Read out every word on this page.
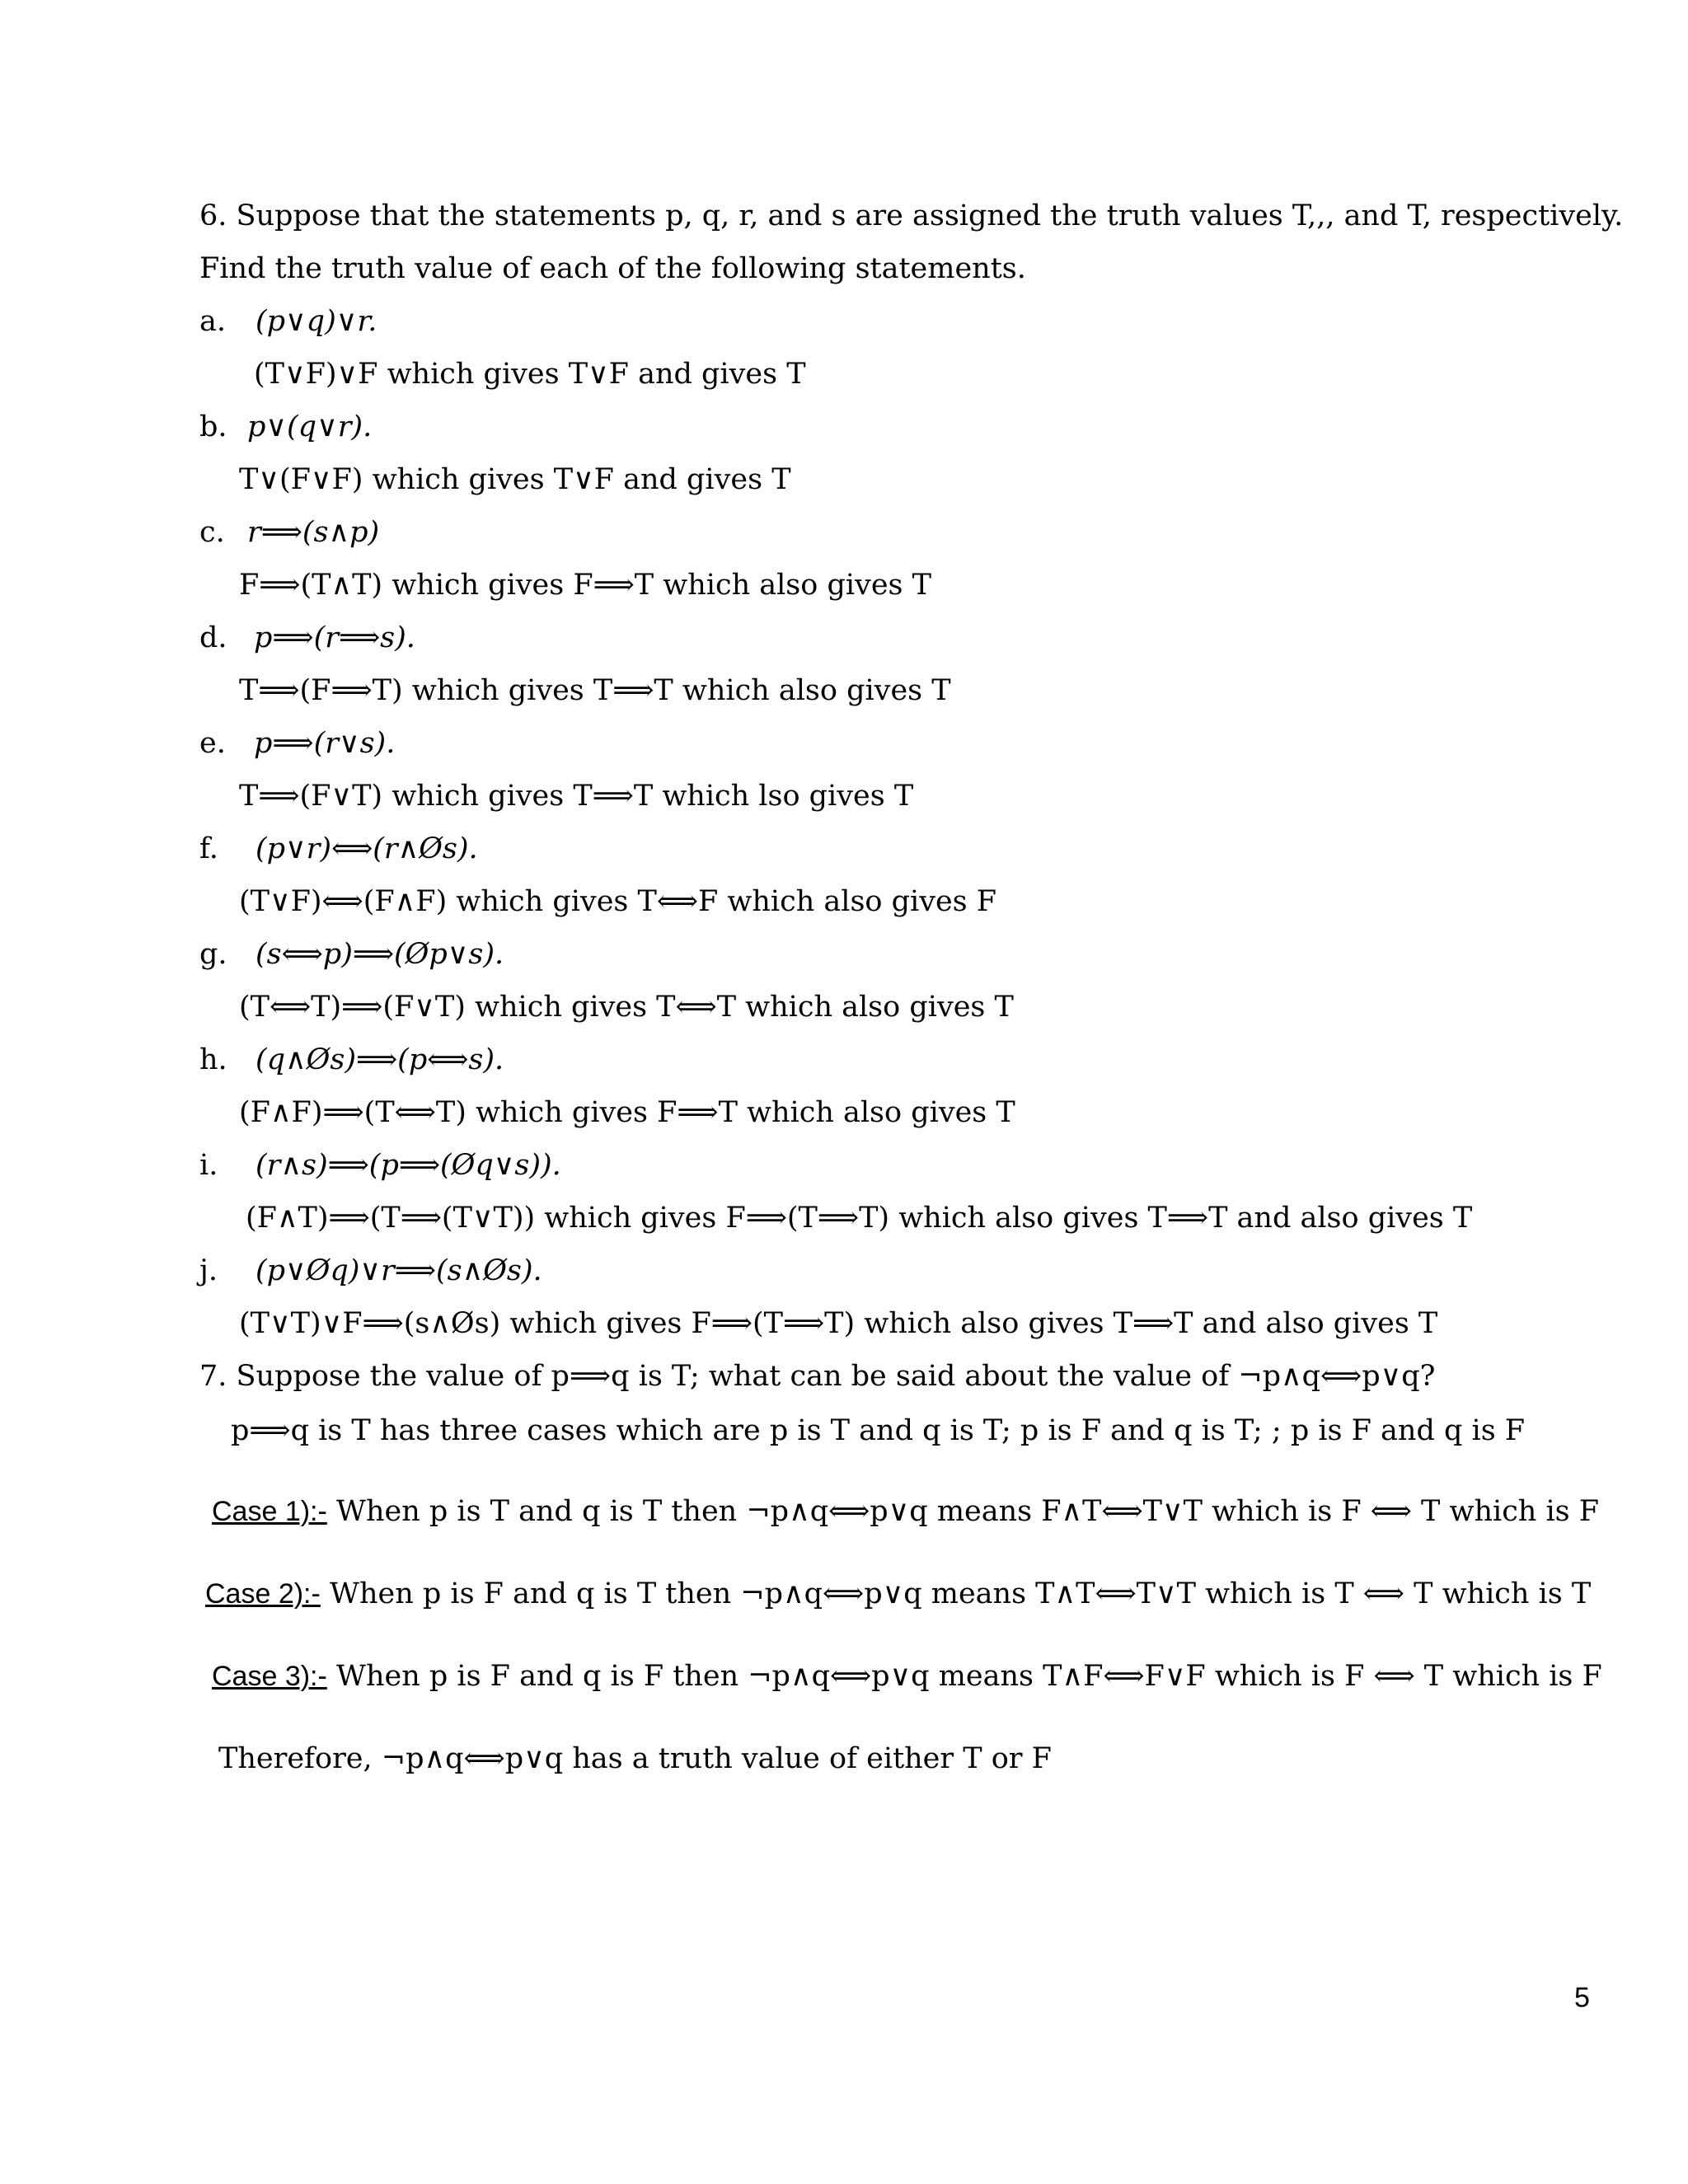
6. Suppose that the statements p, q, r, and s are assigned the truth values T,,, and T, respectively.
Find the truth value of each of the following statements.
a. (p∨q)∨r.
(T∨F)∨F which gives T∨F and gives T
b. p∨(q∨r).
T∨(F∨F) which gives T∨F and gives T
c. r⟹(s∧p)
F⟹(T∧T) which gives F⟹T which also gives T
d. p⟹(r⟹s).
T⟹(F⟹T) which gives T⟹T which also gives T
e. p⟹(r∨s).
T⟹(F∨T) which gives T⟹T which lso gives T
f. (p∨r)⟺(r∧Øs).
(T∨F)⟺(F∧F) which gives T⟺F which also gives F
g. (s⟺p)⟹(Øp∨s).
(T⟺T)⟹(F∨T) which gives T⟺T which also gives T
h. (q∧Øs)⟹(p⟺s).
(F∧F)⟹(T⟺T) which gives F⟹T which also gives T
i. (r∧s)⟹(p⟹(Øq∨s)).
(F∧T)⟹(T⟹(T∨T)) which gives F⟹(T⟹T) which also gives T⟹T and also gives T
j. (p∨Øq)∨r⟹(s∧Øs).
(T∨T)∨F⟹(s∧Øs) which gives F⟹(T⟹T) which also gives T⟹T and also gives T
7. Suppose the value of p⟹q is T; what can be said about the value of ¬p∧q⟺p∨q?
p⟹q is T has three cases which are p is T and q is T; p is F and q is T; ; p is F and q is F
Case 1):- When p is T and q is T then ¬p∧q⟺p∨q means F∧T⟺T∨T which is F ⟺ T which is F
Case 2):- When p is F and q is T then ¬p∧q⟺p∨q means T∧T⟺T∨T which is T ⟺ T which is T
Case 3):- When p is F and q is F then ¬p∧q⟺p∨q means T∧F⟺F∨F which is F ⟺ T which is F
Therefore, ¬p∧q⟺p∨q has a truth value of either T or F
5
